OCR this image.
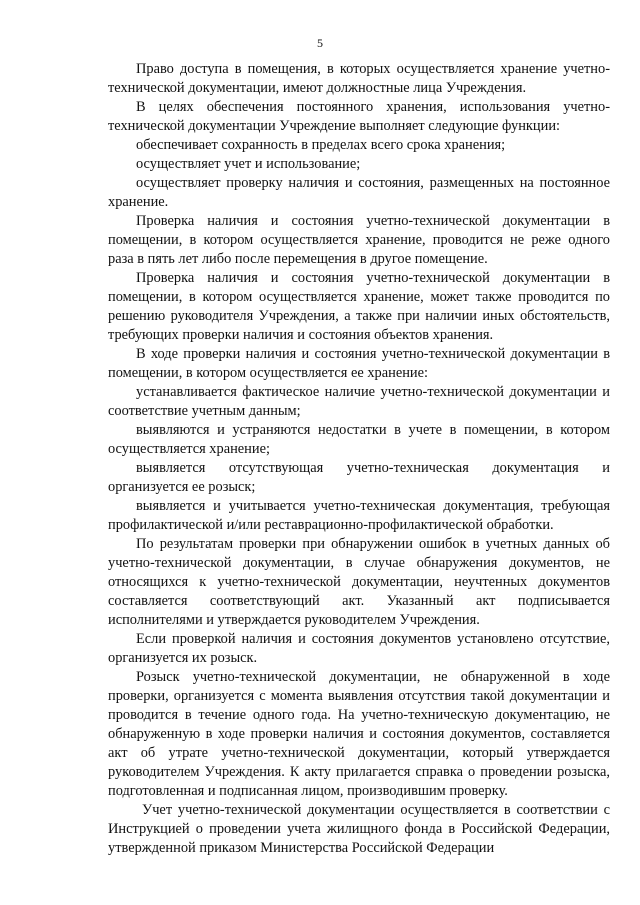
5

Право доступа в помещения, в которых осуществляется хранение учетно-технической документации, имеют должностные лица Учреждения.

В целях обеспечения постоянного хранения, использования учетно-технической документации Учреждение выполняет следующие функции:

обеспечивает сохранность в пределах всего срока хранения;

осуществляет учет и использование;

осуществляет проверку наличия и состояния, размещенных на постоянное хранение.

Проверка наличия и состояния учетно-технической документации в помещении, в котором осуществляется хранение, проводится не реже одного раза в пять лет либо после перемещения в другое помещение.

Проверка наличия и состояния учетно-технической документации в помещении, в котором осуществляется хранение, может также проводится по решению руководителя Учреждения, а также при наличии иных обстоятельств, требующих проверки наличия и состояния объектов хранения.

В ходе проверки наличия и состояния учетно-технической документации в помещении, в котором осуществляется ее хранение:

устанавливается фактическое наличие учетно-технической документации и соответствие учетным данным;

выявляются и устраняются недостатки в учете в помещении, в котором осуществляется хранение;

выявляется отсутствующая учетно-техническая документация и организуется ее розыск;

выявляется и учитывается учетно-техническая документация, требующая профилактической и/или реставрационно-профилактической обработки.

По результатам проверки при обнаружении ошибок в учетных данных об учетно-технической документации, в случае обнаружения документов, не относящихся к учетно-технической документации, неучтенных документов составляется соответствующий акт. Указанный акт подписывается исполнителями и утверждается руководителем Учреждения.

Если проверкой наличия и состояния документов установлено отсутствие, организуется их розыск.

Розыск учетно-технической документации, не обнаруженной в ходе проверки, организуется с момента выявления отсутствия такой документации и проводится в течение одного года. На учетно-техническую документацию, не обнаруженную в ходе проверки наличия и состояния документов, составляется акт об утрате учетно-технической документации, который утверждается руководителем Учреждения. К акту прилагается справка о проведении розыска, подготовленная и подписанная лицом, производившим проверку.

Учет учетно-технической документации осуществляется в соответствии с Инструкцией о проведении учета жилищного фонда в Российской Федерации, утвержденной приказом Министерства Российской Федерации
